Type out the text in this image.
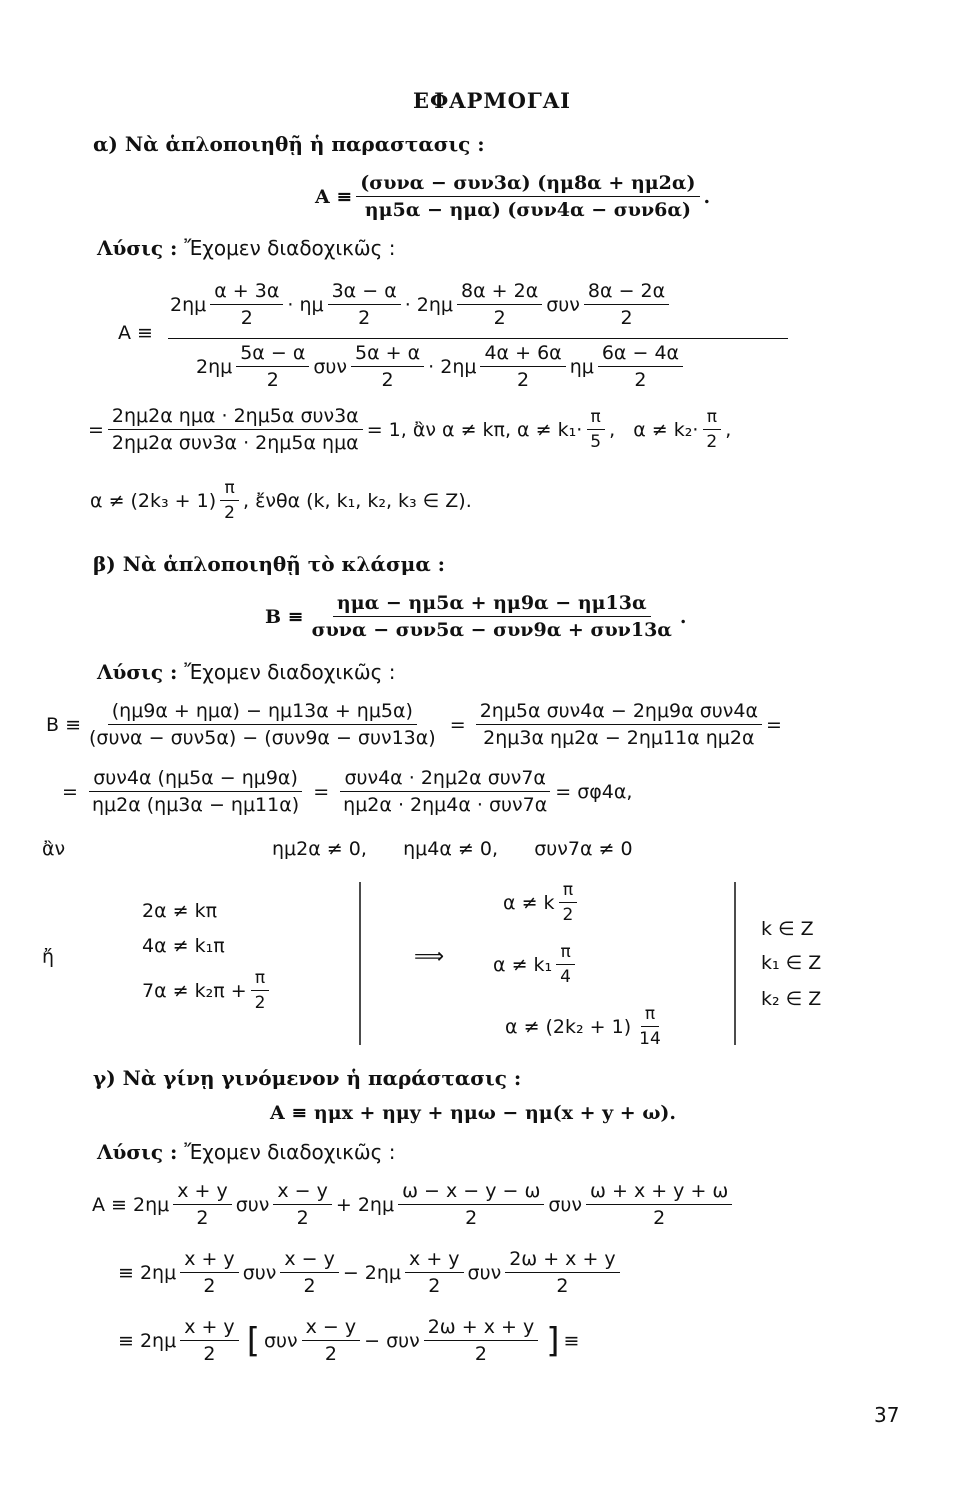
ΕΦΑΡΜΟΓΑΙ
α) Νὰ ἁπλοποιηθῇ ἡ παραστασις :
$A \equiv \frac{\text{(συνα − συν3α) (ημ8α + ημ2α)}}{\text{ημ5α − ημα) (συν4α − συν6α)}}$ .
Λύσις : Ἔχομεν διαδοχικῶς :
A ≡
$2\eta\mu \frac{\alpha + 3\alpha}{2} \cdot \eta\mu \frac{3\alpha - \alpha}{2} \cdot 2\eta\mu \frac{8\alpha + 2\alpha}{2}$ συν $\frac{8\alpha - 2\alpha}{2}$
$2\eta\mu \frac{5\alpha - \alpha}{2}$ συν $\frac{5\alpha + \alpha}{2} \cdot 2\eta\mu \frac{4\alpha + 6\alpha}{2}$ ημ $\frac{6\alpha - 4\alpha}{2}$
= $\frac{\text{2ημ2α ημα · 2ημ5α συν3α}}{\text{2ημ2α συν3α · 2ημ5α ημα}} = 1$, ἂν α ≠ kπ, $\alpha \ne k_1\cdot \frac{\pi}{5}$ , $\alpha \ne k_2\cdot \frac{\pi}{2}$ ,
$\alpha \ne (2k_3 + 1) \frac{\pi}{2}$ , ἔνθα (k, k₁, k₂, k₃ ∈ Z).
β) Νὰ ἁπλοποιηθῇ τὸ κλάσμα :
$B \equiv \frac{\text{ημα − ημ5α + ημ9α − ημ13α}}{\text{συνα − συν5α − συν9α + συν13α}}$ .
Λύσις : Ἔχομεν διαδοχικῶς :
$B \equiv \frac{\text{(ημ9α + ημα) − ημ13α + ημ5α)}}{\text{(συνα − συν5α) − (συν9α − συν13α)}} = \frac{\text{2ημ5α συν4α − 2ημ9α συν4α}}{\text{2ημ3α ημ2α − 2ημ11α ημ2α}}$ =
= $\frac{\text{συν4α (ημ5α − ημ9α)}}{\eta\mu 2\alpha (\eta\mu 3\alpha - \eta\mu 11\alpha)} = \frac{\text{συν4α · 2ημ2α συν7α}}{\text{ημ2α · 2ημ4α · συν7α}} = \sigma\varphi 4\alpha$,
ἂν	ημ2α ≠ 0,      ημ4α ≠ 0,      συν7α ≠ 0
ἤ
2α ≠ kπ
4α ≠ k₁π
$7\alpha \ne k_2\pi + \frac{\pi}{2}$
⟹
α ≠ k $\frac{\pi}{2}$
$\alpha \ne k_1 \frac{\pi}{4}$
$\alpha \ne (2k_2 + 1) \frac{\pi}{14}$
k ∈ Z
k₁ ∈ Z
k₂ ∈ Z
γ) Νὰ γίνῃ γινόμενον ἡ παράστασις :
A ≡ ημx + ημy + ημω − ημ(x + y + ω).
Λύσις : Ἔχομεν διαδοχικῶς :
$A \equiv 2\eta\mu \frac{x + y}{2}$ συν $\frac{x - y}{2} + 2\eta\mu \frac{\omega - x - y - \omega}{2}$ συν $\frac{\omega + x + y + \omega}{2}$
≡ $2\eta\mu \frac{x + y}{2}$ συν $\frac{x - y}{2} - 2\eta\mu \frac{x + y}{2}$ συν $\frac{2\omega + x + y}{2}$
≡ $2\eta\mu \frac{x + y}{2}$ [ συν $\frac{x - y}{2} - \sigma\upsilon\nu \frac{2\omega + x + y}{2}$ ] ≡
37
